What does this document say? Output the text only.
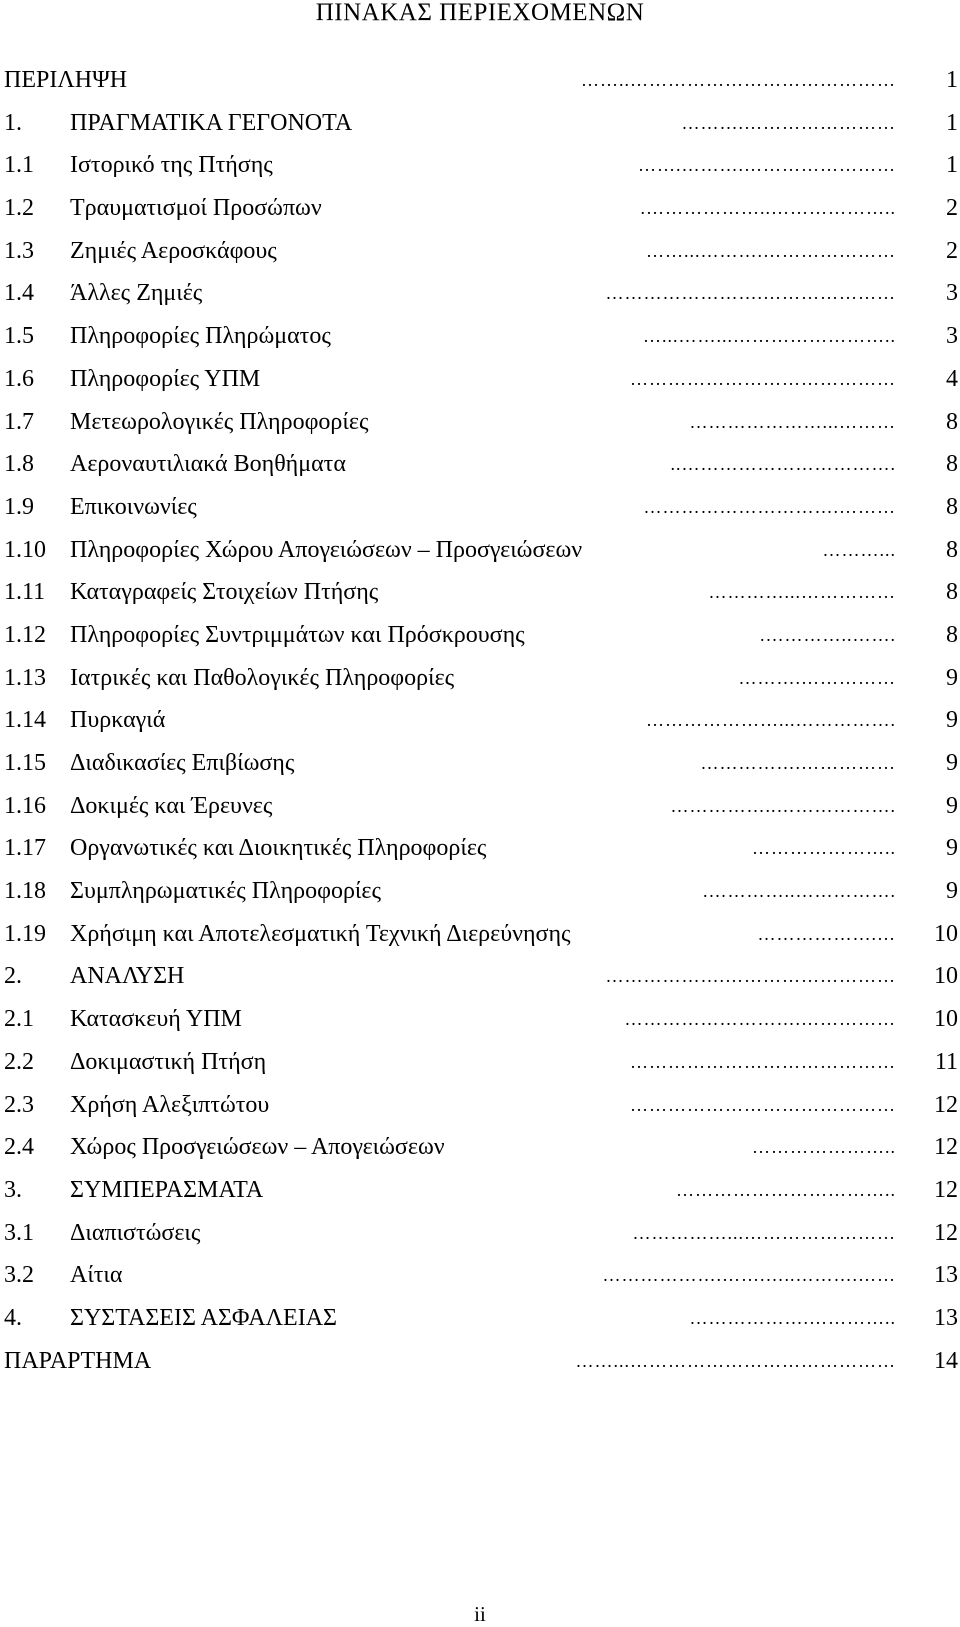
ΠΙΝΑΚΑΣ ΠΕΡΙΕΧΟΜΕΝΩΝ
ΠΕΡΙΛΗΨΗ	……..……………………………………	1
1. ΠΡΑΓΜΑΤΙΚΑ ΓΕΓΟΝΟΤΑ	……….……………………	1
1.1 Ιστορικό της Πτήσης	…….……….……………………	1
1.2 Τραυματισμοί Προσώπων	.………………..………………..	2
1.3 Ζημιές Αεροσκάφους	……...……….…………………	2
1.4 Άλλες Ζημιές	…………………….…………………	3
1.5 Πληροφορίες Πληρώματος	…...……...……………………..	3
1.6 Πληροφορίες ΥΠΜ	……………………………………	4
1.7 Μετεωρολογικές Πληροφορίες	…………………...………	8
1.8 Αεροναυτιλιακά Βοηθήματα	..…………………………….	8
1.9 Επικοινωνίες	………………………….………	8
1.10 Πληροφορίες Χώρου Απογειώσεων – Προσγειώσεων	………...	8
1.11 Καταγραφείς Στοιχείων Πτήσης	…………...……………	8
1.12 Πληροφορίες Συντριμμάτων και Πρόσκρουσης	.…………..…….	8
1.13 Ιατρικές και Παθολογικές Πληροφορίες	……….……………	9
1.14 Πυρκαγιά	…………………...…………….	9
1.15 Διαδικασίες Επιβίωσης	…………….……………	9
1.16 Δοκιμές και Έρευνες	……………..……………….	9
1.17 Οργανωτικές και Διοικητικές Πληροφορίες	…………………..	9
1.18 Συμπληρωματικές Πληροφορίες	.…………..…………….	9
1.19 Χρήσιμη και Αποτελεσματική Τεχνική Διερεύνησης	……………….…	10
2. ΑΝΑΛΥΣΗ	……………….………………………	10
2.1 Κατασκευή ΥΠΜ	……………………….……………	10
2.2 Δοκιμαστική Πτήση	……………………………………	11
2.3 Χρήση Αλεξιπτώτου	……………………………………	12
2.4 Χώρος Προσγειώσεων – Απογειώσεων	…………………..	12
3. ΣΥΜΠΕΡΑΣΜΑΤΑ	……………………………..	12
3.1 Διαπιστώσεις	……………...……………………	12
3.2 Αίτια	……………….…….…..……….……	13
4. ΣΥΣΤΑΣΕΙΣ ΑΣΦΑΛΕΙΑΣ	……………….…………..	13
ΠΑΡΑΡΤΗΜΑ	……...……………………………………	14
ii
